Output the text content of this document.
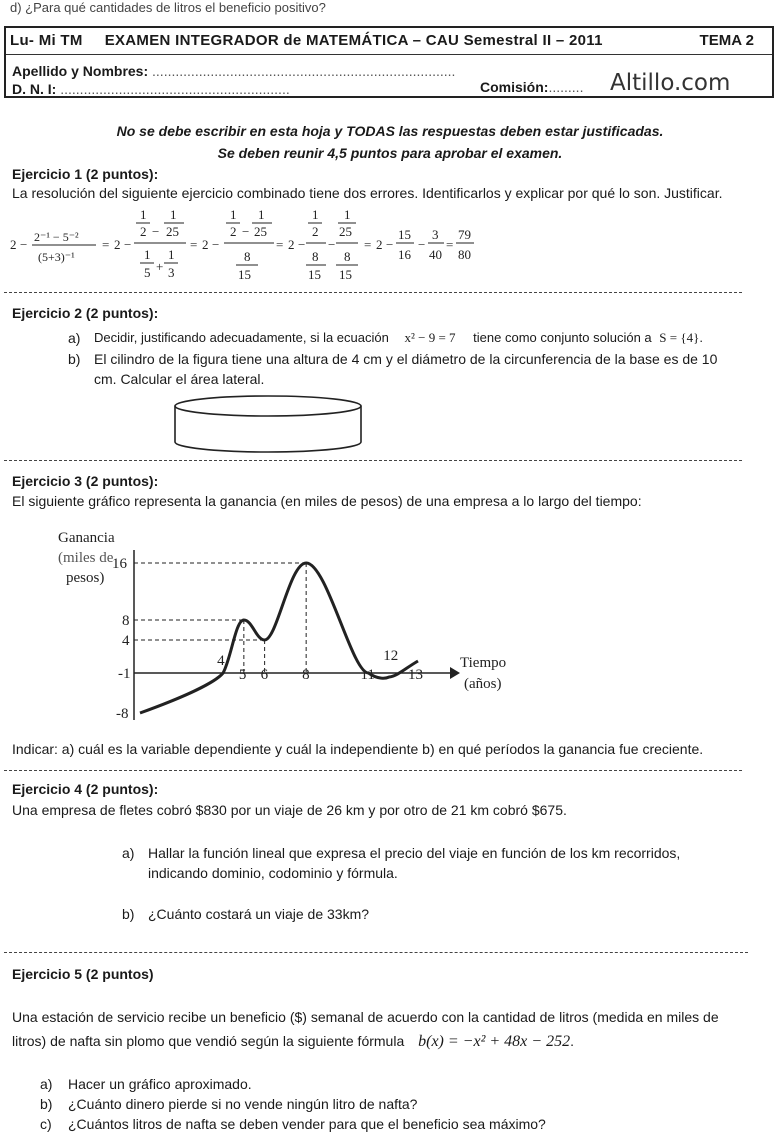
d) ¿Para qué cantidades de litros el beneficio positivo?
Lu- Mi TM EXAMEN INTEGRADOR de MATEMÁTICA – CAU Semestral II – 2011	TEMA 2
Apellido y Nombres: ..............................................................................
D. N. I: ...........................................................	Comisión:......... Altillo.com
No se debe escribir en esta hoja y TODAS las respuestas deben estar justificadas.
Se deben reunir 4,5 puntos para aprobar el examen.
Ejercicio 1 (2 puntos):
La resolución del siguiente ejercicio combinado tiene dos errores. Identificarlos y explicar por qué lo son. Justificar.
2 − 2⁻¹ − 5⁻²
(5+3)⁻¹
= 2 −
1
2 −
1
25
1
5 +
1
3
= 2 −
1
2 −
1
25
8
15
= 2 −
1
2
8
15
−
1
25
8
15
= 2 −
15
16
−
3
40
=
79
80
Ejercicio 2 (2 puntos):
a) Decidir, justificando adecuadamente, si la ecuación x² − 9 = 7 tiene como conjunto solución a S = {4}.
b) El cilindro de la figura tiene una altura de 4 cm y el diámetro de la circunferencia de la base es de 10
cm. Calcular el área lateral.
Ejercicio 3 (2 puntos):
El siguiente gráfico representa la ganancia (en miles de pesos) de una empresa a lo largo del tiempo:
16
8
4
-1
-8
4
5 6 8	11
12
13
Ganancia
(miles de
pesos)
Tiempo
(años)
Indicar: a) cuál es la variable dependiente y cuál la independiente b) en qué períodos la ganancia fue creciente.
Ejercicio 4 (2 puntos):
Una empresa de fletes cobró $830 por un viaje de 26 km y por otro de 21 km cobró $675.
a) Hallar la función lineal que expresa el precio del viaje en función de los km recorridos,
indicando dominio, codominio y fórmula.
b) ¿Cuánto costará un viaje de 33km?
Ejercicio 5 (2 puntos)
Una estación de servicio recibe un beneficio ($) semanal de acuerdo con la cantidad de litros (medida en miles de
litros) de nafta sin plomo que vendió según la siguiente fórmula b(x) = −x² + 48x − 252.
a) Hacer un gráfico aproximado.
b) ¿Cuánto dinero pierde si no vende ningún litro de nafta?
c) ¿Cuántos litros de nafta se deben vender para que el beneficio sea máximo?
